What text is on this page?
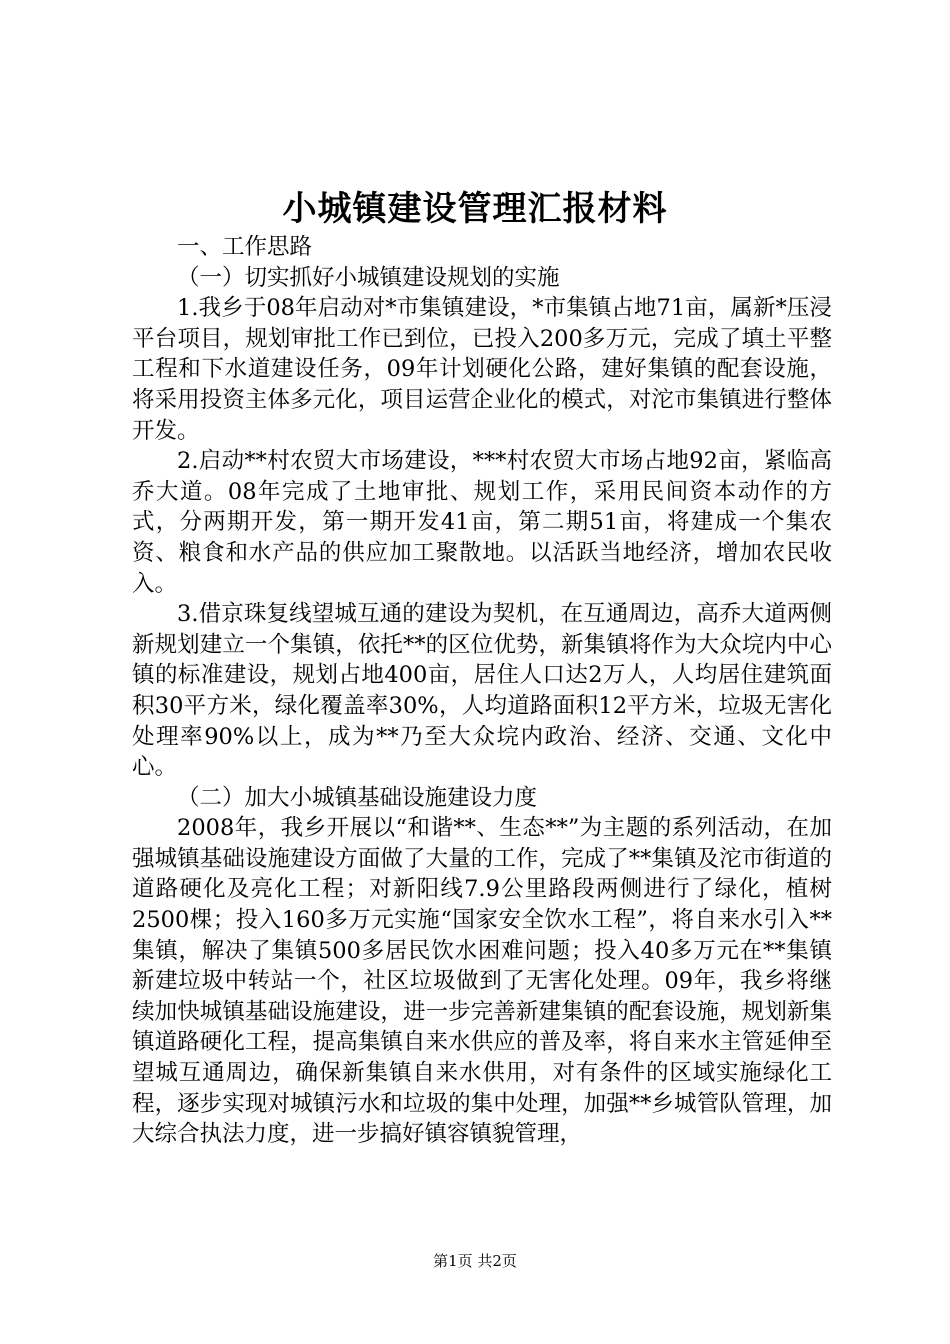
小城镇建设管理汇报材料

一、工作思路

（一）切实抓好小城镇建设规划的实施

1.我乡于08年启动对*市集镇建设，*市集镇占地71亩，属新*压浸平台项目，规划审批工作已到位，已投入200多万元，完成了填土平整工程和下水道建设任务，09年计划硬化公路，建好集镇的配套设施，将采用投资主体多元化，项目运营企业化的模式，对沱市集镇进行整体开发。

2.启动**村农贸大市场建设，***村农贸大市场占地92亩，紧临高乔大道。08年完成了土地审批、规划工作，采用民间资本动作的方式，分两期开发，第一期开发41亩，第二期51亩，将建成一个集农资、粮食和水产品的供应加工聚散地。以活跃当地经济，增加农民收入。

3.借京珠复线望城互通的建设为契机，在互通周边，高乔大道两侧新规划建立一个集镇，依托**的区位优势，新集镇将作为大众垸内中心镇的标准建设，规划占地400亩，居住人口达2万人，人均居住建筑面积30平方米，绿化覆盖率30%，人均道路面积12平方米，垃圾无害化处理率90%以上，成为**乃至大众垸内政治、经济、交通、文化中心。

（二）加大小城镇基础设施建设力度

2008年，我乡开展以“和谐**、生态**”为主题的系列活动，在加强城镇基础设施建设方面做了大量的工作，完成了**集镇及沱市街道的道路硬化及亮化工程；对新阳线7.9公里路段两侧进行了绿化，植树2500棵；投入160多万元实施“国家安全饮水工程”，将自来水引入**集镇，解决了集镇500多居民饮水困难问题；投入40多万元在**集镇新建垃圾中转站一个，社区垃圾做到了无害化处理。09年，我乡将继续加快城镇基础设施建设，进一步完善新建集镇的配套设施，规划新集镇道路硬化工程，提高集镇自来水供应的普及率，将自来水主管延伸至望城互通周边，确保新集镇自来水供用，对有条件的区域实施绿化工程，逐步实现对城镇污水和垃圾的集中处理，加强**乡城管队管理，加大综合执法力度，进一步搞好镇容镇貌管理，

第1页 共2页
